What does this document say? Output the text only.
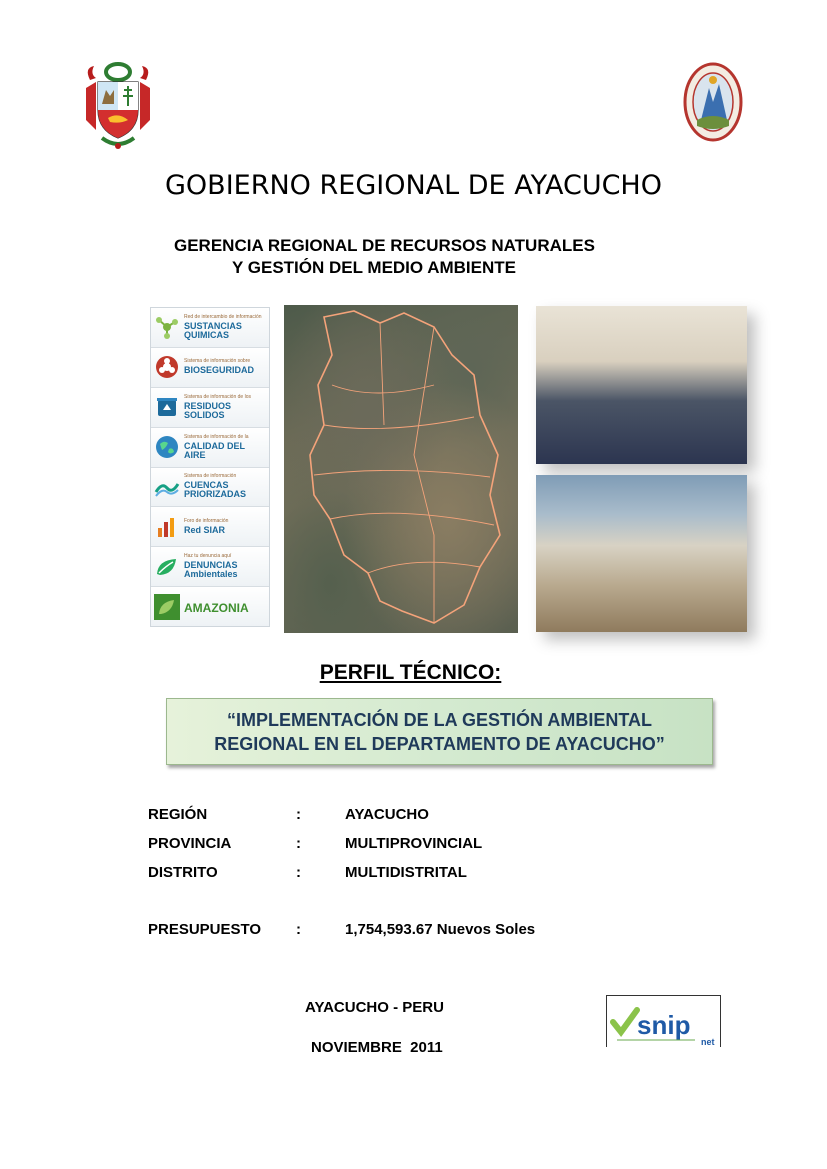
GOBIERNO REGIONAL DE AYACUCHO
GERENCIA REGIONAL DE RECURSOS NATURALES
Y GESTIÓN DEL MEDIO AMBIENTE
Red de intercambio de información
SUSTANCIAS QUIMICAS
Sistema de información sobre
BIOSEGURIDAD
Sistema de información de los
RESIDUOS SOLIDOS
Sistema de información de la
CALIDAD DEL AIRE
Sistema de información
CUENCAS PRIORIZADAS
Foro de información
Red SIAR
Haz tu denuncia aquí
DENUNCIAS Ambientales
AMAZONIA
PERFIL TÉCNICO:
“IMPLEMENTACIÓN DE LA GESTIÓN AMBIENTAL
REGIONAL EN EL DEPARTAMENTO DE AYACUCHO”
REGIÓN	:	AYACUCHO
PROVINCIA	:	MULTIPROVINCIAL
DISTRITO	:	MULTIDISTRITAL
PRESUPUESTO :	1,754,593.67 Nuevos Soles
AYACUCHO - PERU
NOVIEMBRE  2011
snip
net
